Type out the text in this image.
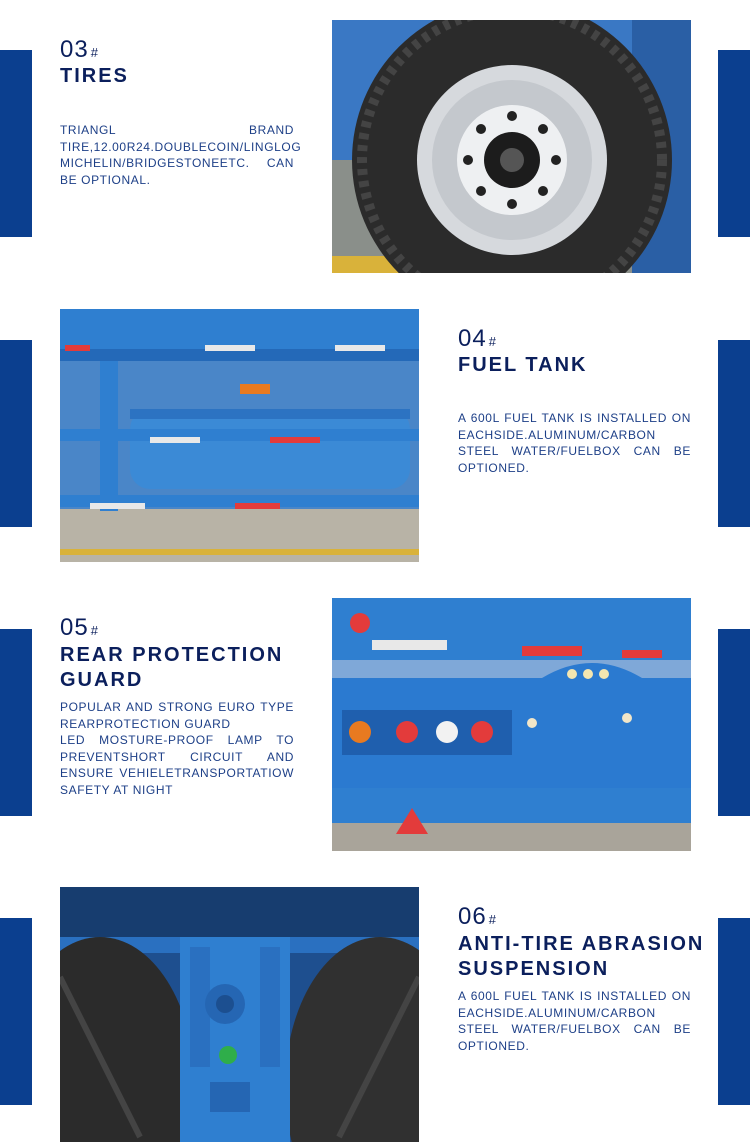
03 #
TIRES
TRIANGL BRAND TIRE,12.00R24.DOUBLECOIN/LINGLOG MICHELIN/BRIDGESTONEETC. CAN BE OPTIONAL.
04 #
FUEL TANK
A 600L FUEL TANK IS INSTALLED ON EACHSIDE.ALUMINUM/CARBON STEEL WATER/FUELBOX CAN BE OPTIONED.
05 #
REAR PROTECTION
GUARD
POPULAR AND STRONG EURO TYPE REARPROTECTION GUARD
LED MOSTURE-PROOF LAMP TO PREVENTSHORT CIRCUIT AND ENSURE VEHIELETRANSPORTATIOW SAFETY AT NIGHT
06 #
ANTI-TIRE ABRASION
SUSPENSION
A 600L FUEL TANK IS INSTALLED ON EACHSIDE.ALUMINUM/CARBON STEEL WATER/FUELBOX CAN BE OPTIONED.
